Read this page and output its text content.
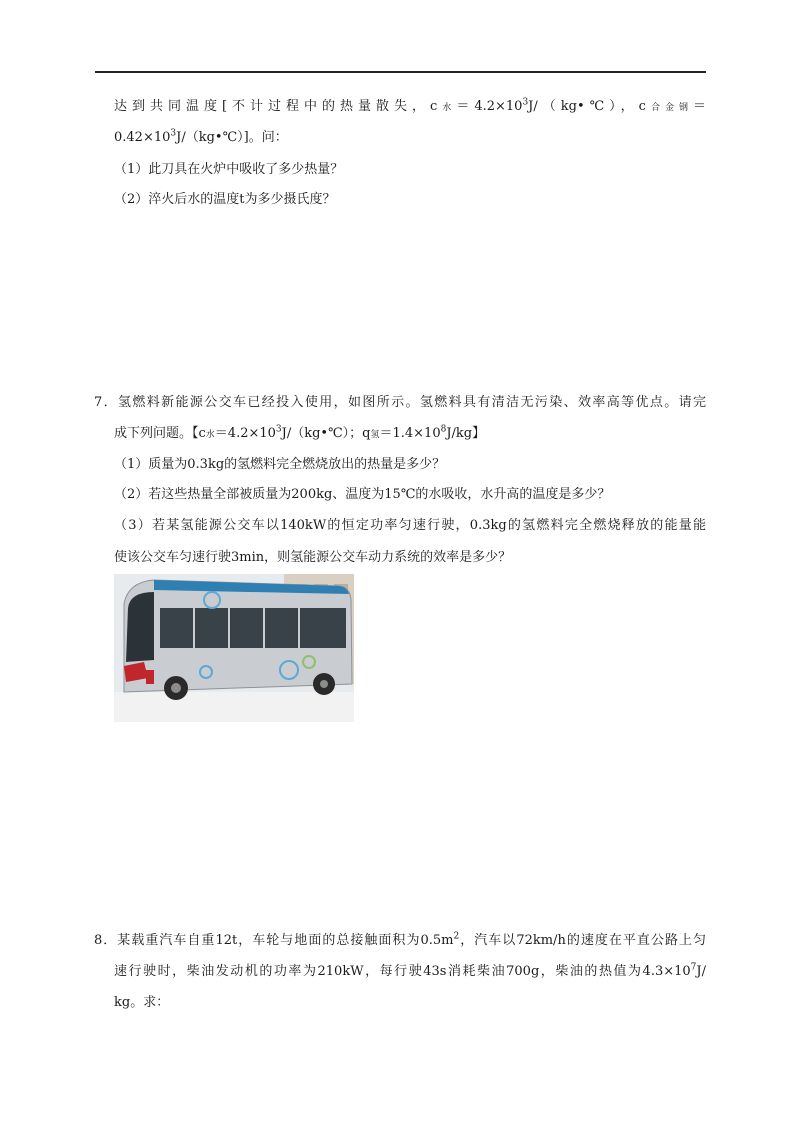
达到共同温度[不计过程中的热量散失，c水$=4.2\times 10^3J/(kg•℃)$，c合金钢＝
$0.42\times 10^3J/(kg•℃)$]。问：
（1）此刀具在火炉中吸收了多少热量？
（2）淬火后水的温度t为多少摄氏度？
7．氢燃料新能源公交车已经投入使用，如图所示。氢燃料具有清洁无污染、效率高等优点。请完
成下列问题。【c水$=4.2\times 10^3J/(kg•℃)$；q氢$=1.4\times 10^8J/kg$】
（1）质量为0.3kg的氢燃料完全燃烧放出的热量是多少？
（2）若这些热量全部被质量为200kg、温度为15℃的水吸收，水升高的温度是多少？
（3）若某氢能源公交车以140kW的恒定功率匀速行驶，0.3kg的氢燃料完全燃烧释放的能量能
使该公交车匀速行驶3min，则氢能源公交车动力系统的效率是多少？
8．某载重汽车自重12t，车轮与地面的总接触面积为$0.5m^2$，汽车以72km/h的速度在平直公路上匀
速行驶时，柴油发动机的功率为210kW，每行驶43s消耗柴油700g，柴油的热值为$4.3\times 10^7J/$
kg。求：
